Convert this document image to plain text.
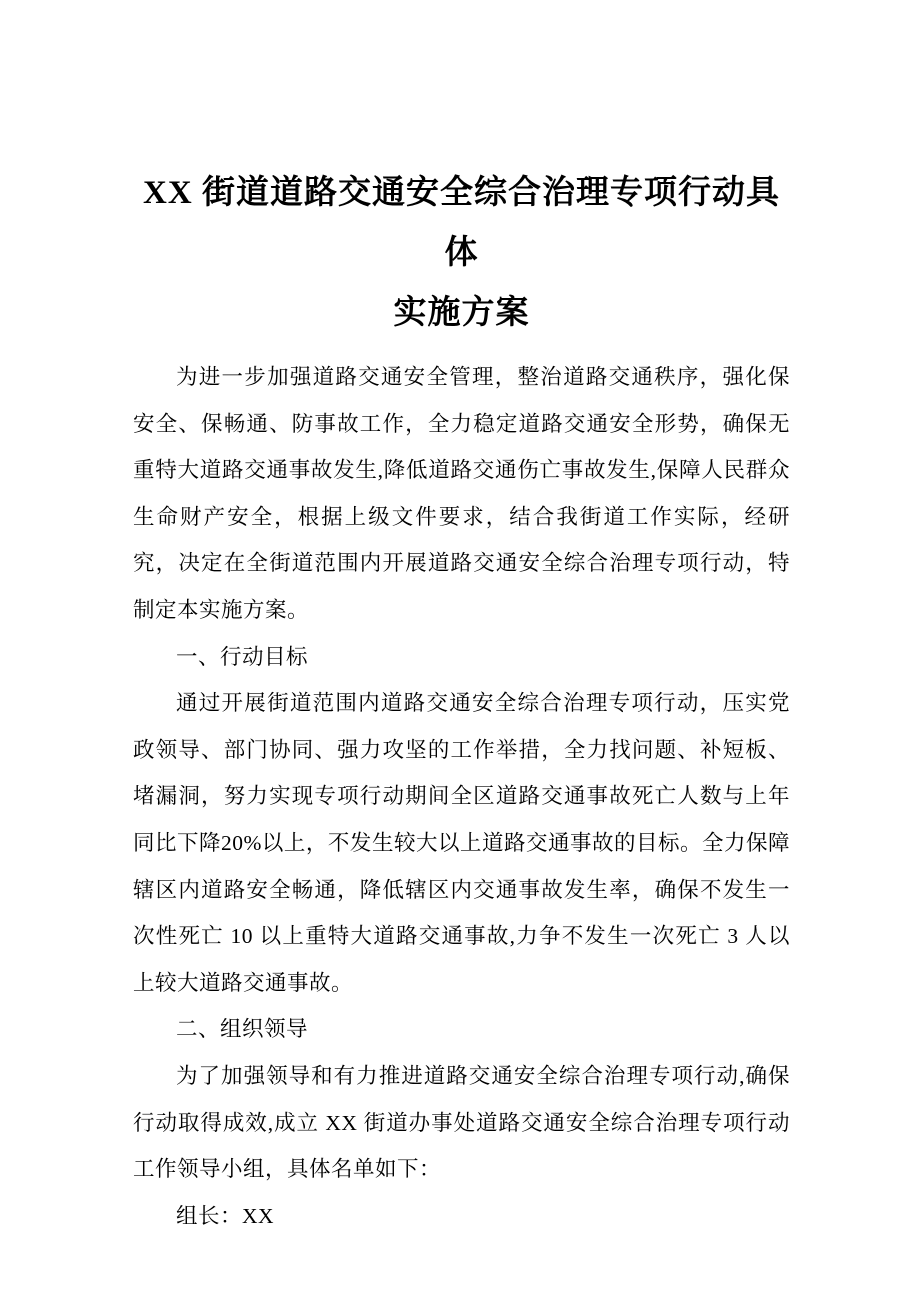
XX 街道道路交通安全综合治理专项行动具体
实施方案

为进一步加强道路交通安全管理，整治道路交通秩序，强化保安全、保畅通、防事故工作，全力稳定道路交通安全形势，确保无重特大道路交通事故发生,降低道路交通伤亡事故发生,保障人民群众生命财产安全，根据上级文件要求，结合我街道工作实际，经研究，决定在全街道范围内开展道路交通安全综合治理专项行动，特制定本实施方案。

一、行动目标

通过开展街道范围内道路交通安全综合治理专项行动，压实党政领导、部门协同、强力攻坚的工作举措，全力找问题、补短板、堵漏洞，努力实现专项行动期间全区道路交通事故死亡人数与上年同比下降20%以上，不发生较大以上道路交通事故的目标。全力保障辖区内道路安全畅通，降低辖区内交通事故发生率，确保不发生一次性死亡 10 以上重特大道路交通事故,力争不发生一次死亡 3 人以上较大道路交通事故。

二、组织领导

为了加强领导和有力推进道路交通安全综合治理专项行动,确保行动取得成效,成立 XX 街道办事处道路交通安全综合治理专项行动工作领导小组，具体名单如下：

组长：XX
